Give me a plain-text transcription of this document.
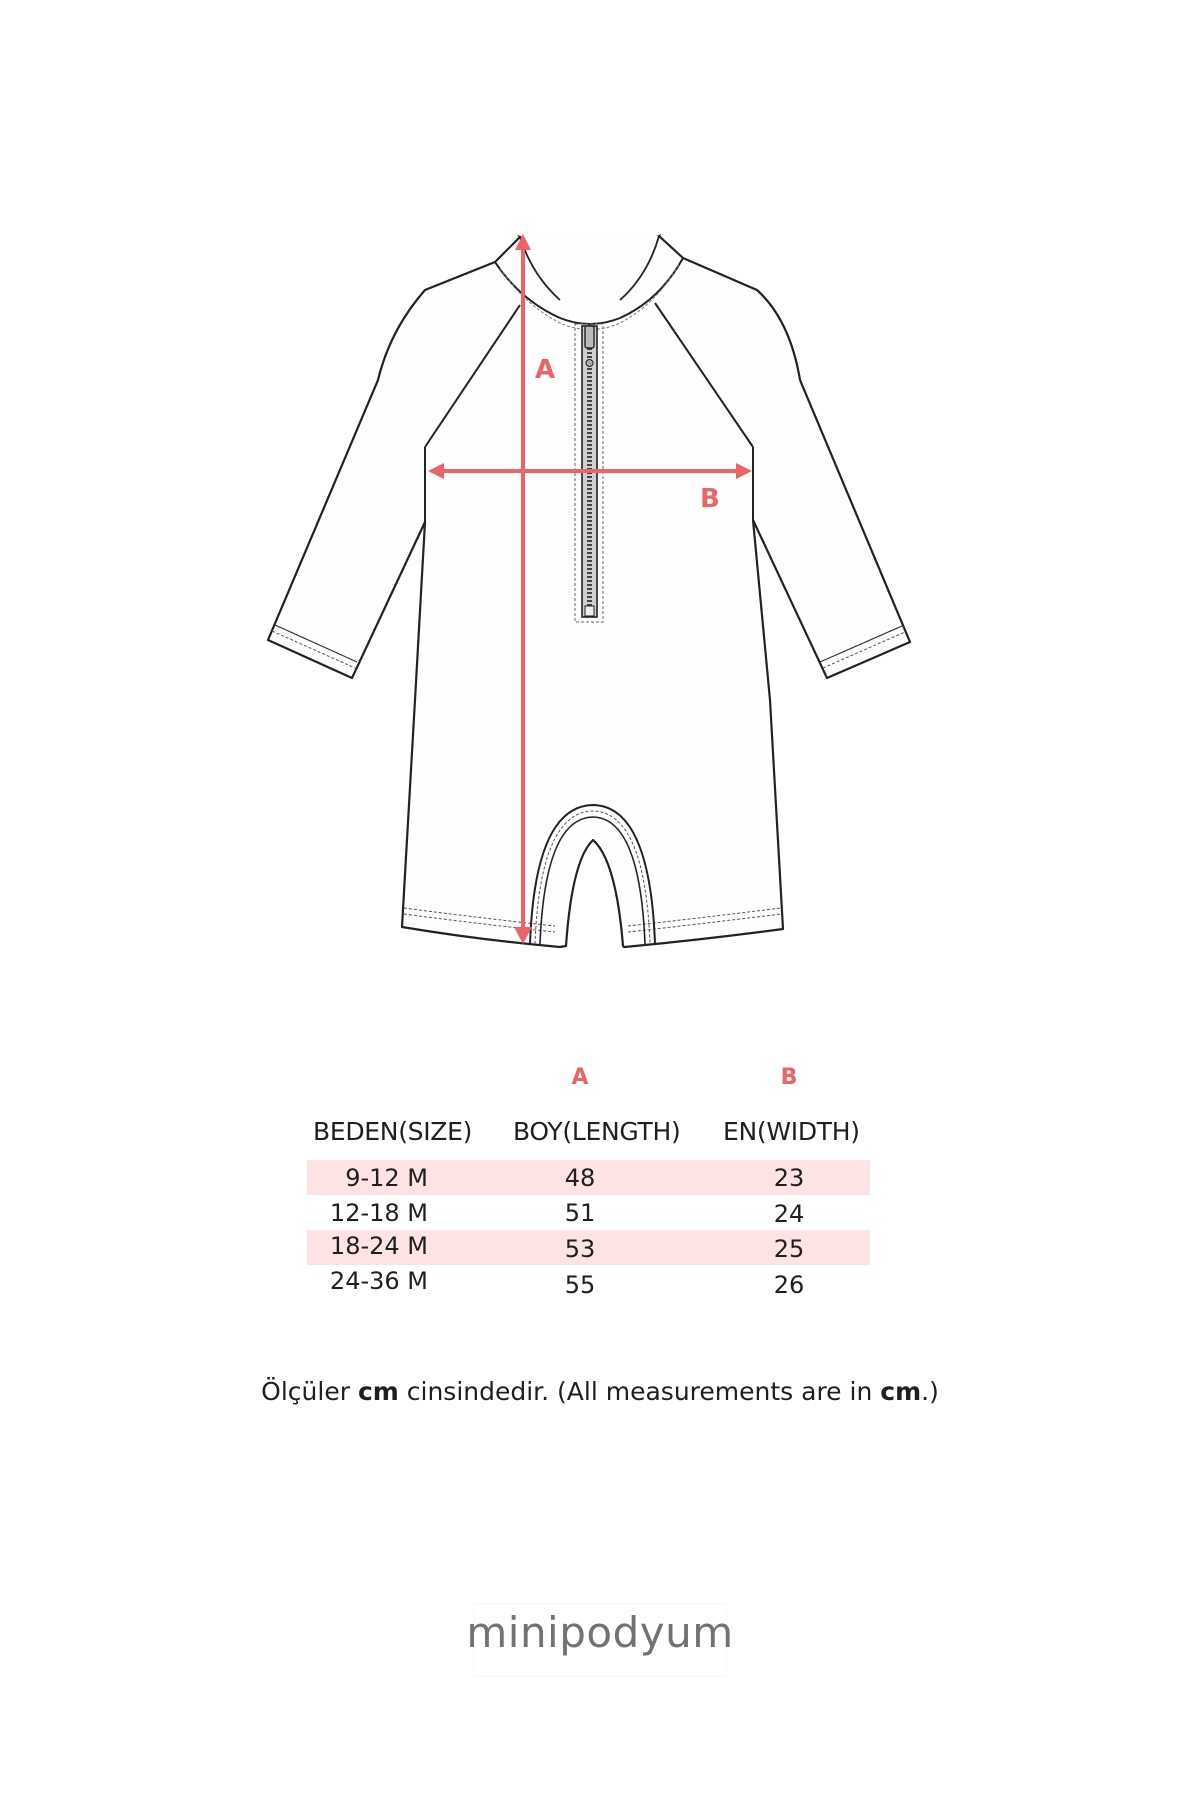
A
B
A	B
BEDEN(SIZE) BOY(LENGTH) EN(WIDTH)
9-12 M	48	23
12-18 M	51	24
18-24 M	53	25
24-36 M	55	26
Ölçüler cm cinsindedir. (All measurements are in cm.)
minipodyum
